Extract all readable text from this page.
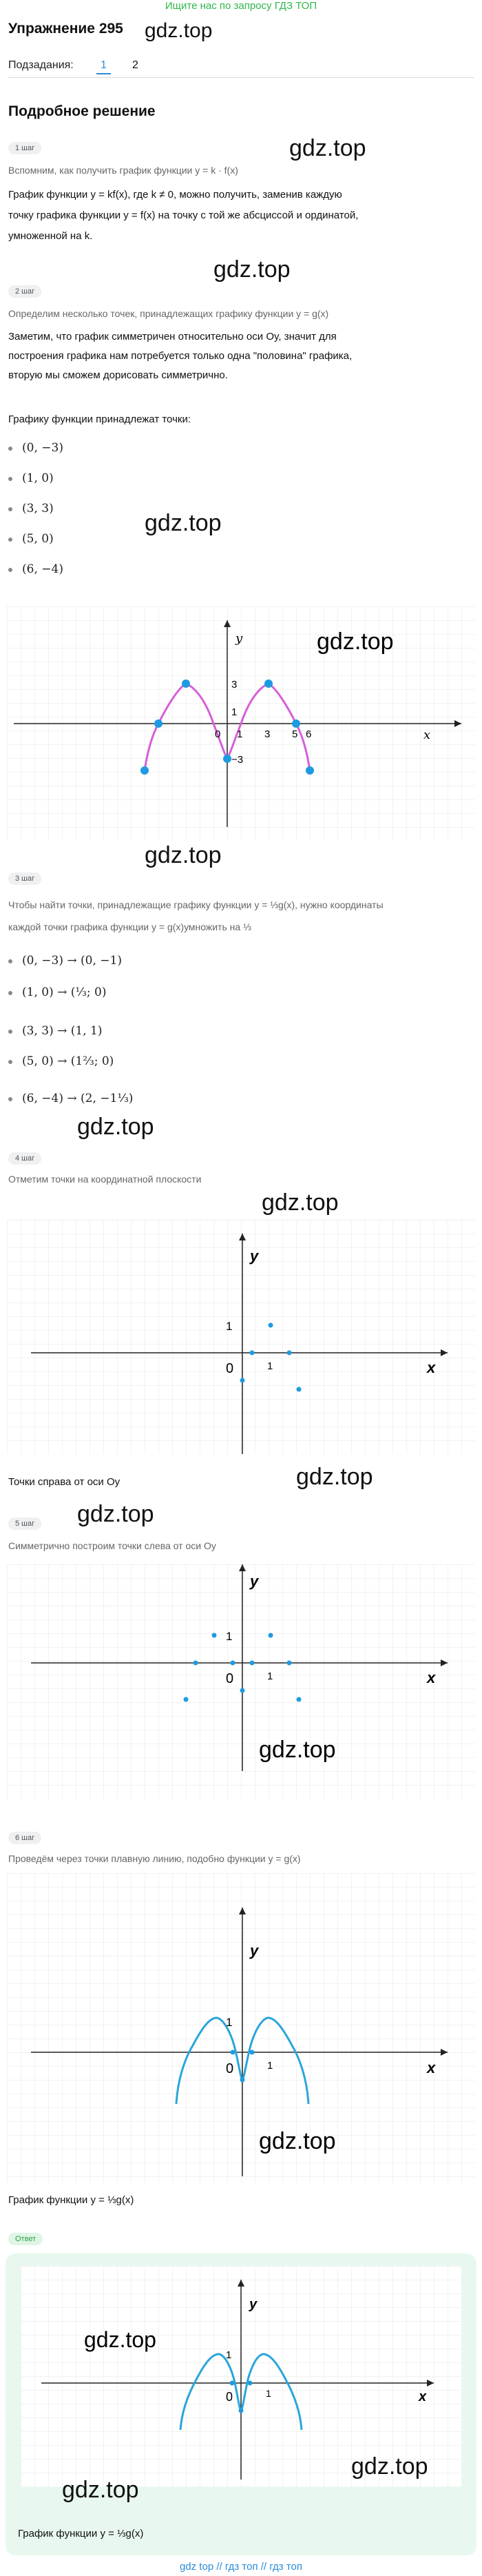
Ищите нас по запросу ГДЗ ТОП
Упражнение 295 gdz.top
Подзадания:	1	2
Подробное решение
gdz.top
1 шаг
Вспомним, как получить график функции y = k · f(x)
График функции y = kf(x), где k ≠ 0, можно получить, заменив каждую
точку графика функции y = f(x) на точку с той же абсциссой и ординатой,
умноженной на k.
gdz.top
2 шаг
Определим несколько точек, принадлежащих графику функции y = g(x)
Заметим, что график симметричен относительно оси Oy, значит для
построения графика нам потребуется только одна "половина" графика,
вторую мы сможем дорисовать симметрично.
Графику функции принадлежат точки:
(0, −3)
(1, 0)
(3, 3)
(5, 0)
(6, −4)
gdz.top
y
x
3
1
0 1 3 5 6
−3
gdz.top
gdz.top
3 шаг
Чтобы найти точки, принадлежащие графику функции y = ⅓g(x), нужно координаты
каждой точки графика функции y = g(x)умножить на ⅓
(0, −3) → (0, −1)
(1, 0) → (⅓; 0)
(3, 3) → (1, 1)
(5, 0) → (1⅔; 0)
(6, −4) → (2, −1⅓)
gdz.top
4 шаг
Отметим точки на координатной плоскости
gdz.top
y
x
1
0	1
Точки справа от оси Oy	gdz.top
5 шаг gdz.top
Симметрично построим точки слева от оси Oy
y
x
1
0	1
gdz.top
6 шаг
Проведём через точки плавную линию, подобно функции y = g(x)
y
x
1
0	1
gdz.top
График функции y = ⅓g(x)
Ответ
y
x
1
0	1
gdz.top
gdz.top
gdz.top
График функции y = ⅓g(x)
gdz top // гдз топ // гдз топ
